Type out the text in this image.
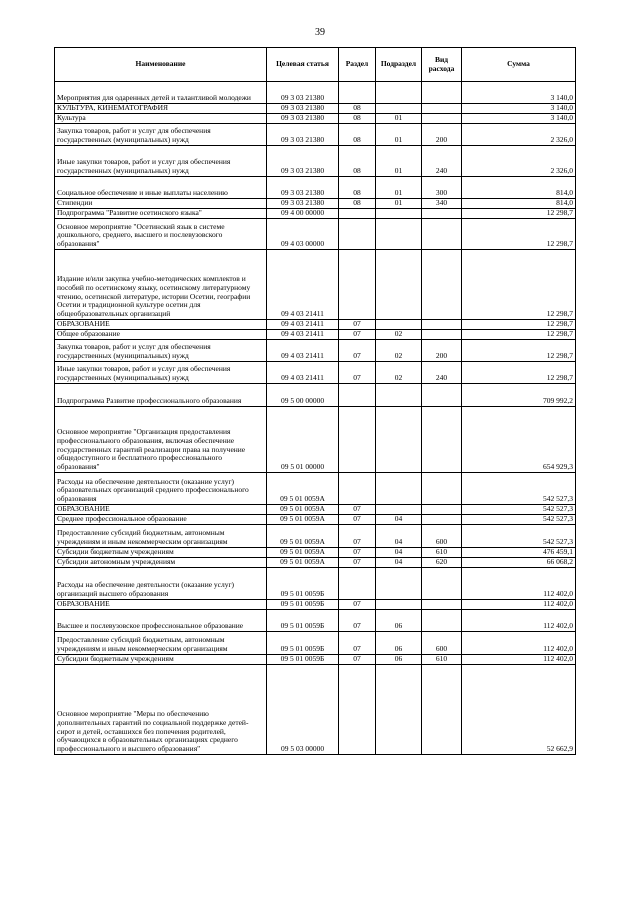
39
Наименование	Целевая статья	Раздел	Подраздел	Вид расхода	Сумма
Мероприятия для одаренных детей и талантливой молодежи	09 3 03 21380				3 140,0
КУЛЬТУРА, КИНЕМАТОГРАФИЯ	09 3 03 21380	08			3 140,0
Культура	09 3 03 21380	08	01		3 140,0
Закупка товаров, работ и услуг для обеспечения государственных (муниципальных) нужд	09 3 03 21380	08	01	200	2 326,0
Иные закупки товаров, работ и услуг для обеспечения государственных (муниципальных) нужд	09 3 03 21380	08	01	240	2 326,0
Социальное обеспечение и иные выплаты населению	09 3 03 21380	08	01	300	814,0
Стипендии	09 3 03 21380	08	01	340	814,0
Подпрограмма "Развитие осетинского языка"	09 4 00 00000				12 298,7
Основное мероприятие "Осетинский язык в системе дошкольного, среднего, высшего и послевузовского образования"	09 4 03 00000				12 298,7
Издание и/или закупка учебно-методических комплектов и пособий по осетинскому языку, осетинскому литературному чтению, осетинской литературе, истории Осетии, географии Осетии и традиционной культуре осетин для общеобразовательных организаций	09 4 03 21411				12 298,7
ОБРАЗОВАНИЕ	09 4 03 21411	07			12 298,7
Общее образование	09 4 03 21411	07	02		12 298,7
Закупка товаров, работ и услуг для обеспечения государственных (муниципальных) нужд	09 4 03 21411	07	02	200	12 298,7
Иные закупки товаров, работ и услуг для обеспечения государственных (муниципальных) нужд	09 4 03 21411	07	02	240	12 298,7
Подпрограмма Развитие профессионального образования	09 5 00 00000				709 992,2
Основное мероприятие "Организация предоставления профессионального образования, включая обеспечение государственных гарантий реализации права на получение общедоступного и бесплатного профессионального образования"	09 5 01 00000				654 929,3
Расходы на обеспечение деятельности (оказание услуг) образовательных организаций среднего профессионального образования	09 5 01 0059А				542 527,3
ОБРАЗОВАНИЕ	09 5 01 0059А	07			542 527,3
Среднее профессиональное образование	09 5 01 0059А	07	04		542 527,3
Предоставление субсидий бюджетным, автономным учреждениям и иным некоммерческим организациям	09 5 01 0059А	07	04	600	542 527,3
Субсидии бюджетным учреждениям	09 5 01 0059А	07	04	610	476 459,1
Субсидии автономным учреждениям	09 5 01 0059А	07	04	620	66 068,2
Расходы на обеспечение деятельности (оказание услуг) организаций высшего образования	09 5 01 0059Б				112 402,0
ОБРАЗОВАНИЕ	09 5 01 0059Б	07			112 402,0
Высшее и послевузовское профессиональное образование	09 5 01 0059Б	07	06		112 402,0
Предоставление субсидий бюджетным, автономным учреждениям и иным некоммерческим организациям	09 5 01 0059Б	07	06	600	112 402,0
Субсидии бюджетным учреждениям	09 5 01 0059Б	07	06	610	112 402,0
Основное мероприятие "Меры по обеспечению дополнительных гарантий по социальной поддержке детей-сирот и детей, оставшихся без попечения родителей, обучающихся в образовательных организациях среднего профессионального и высшего образования"	09 5 03 00000				52 662,9
